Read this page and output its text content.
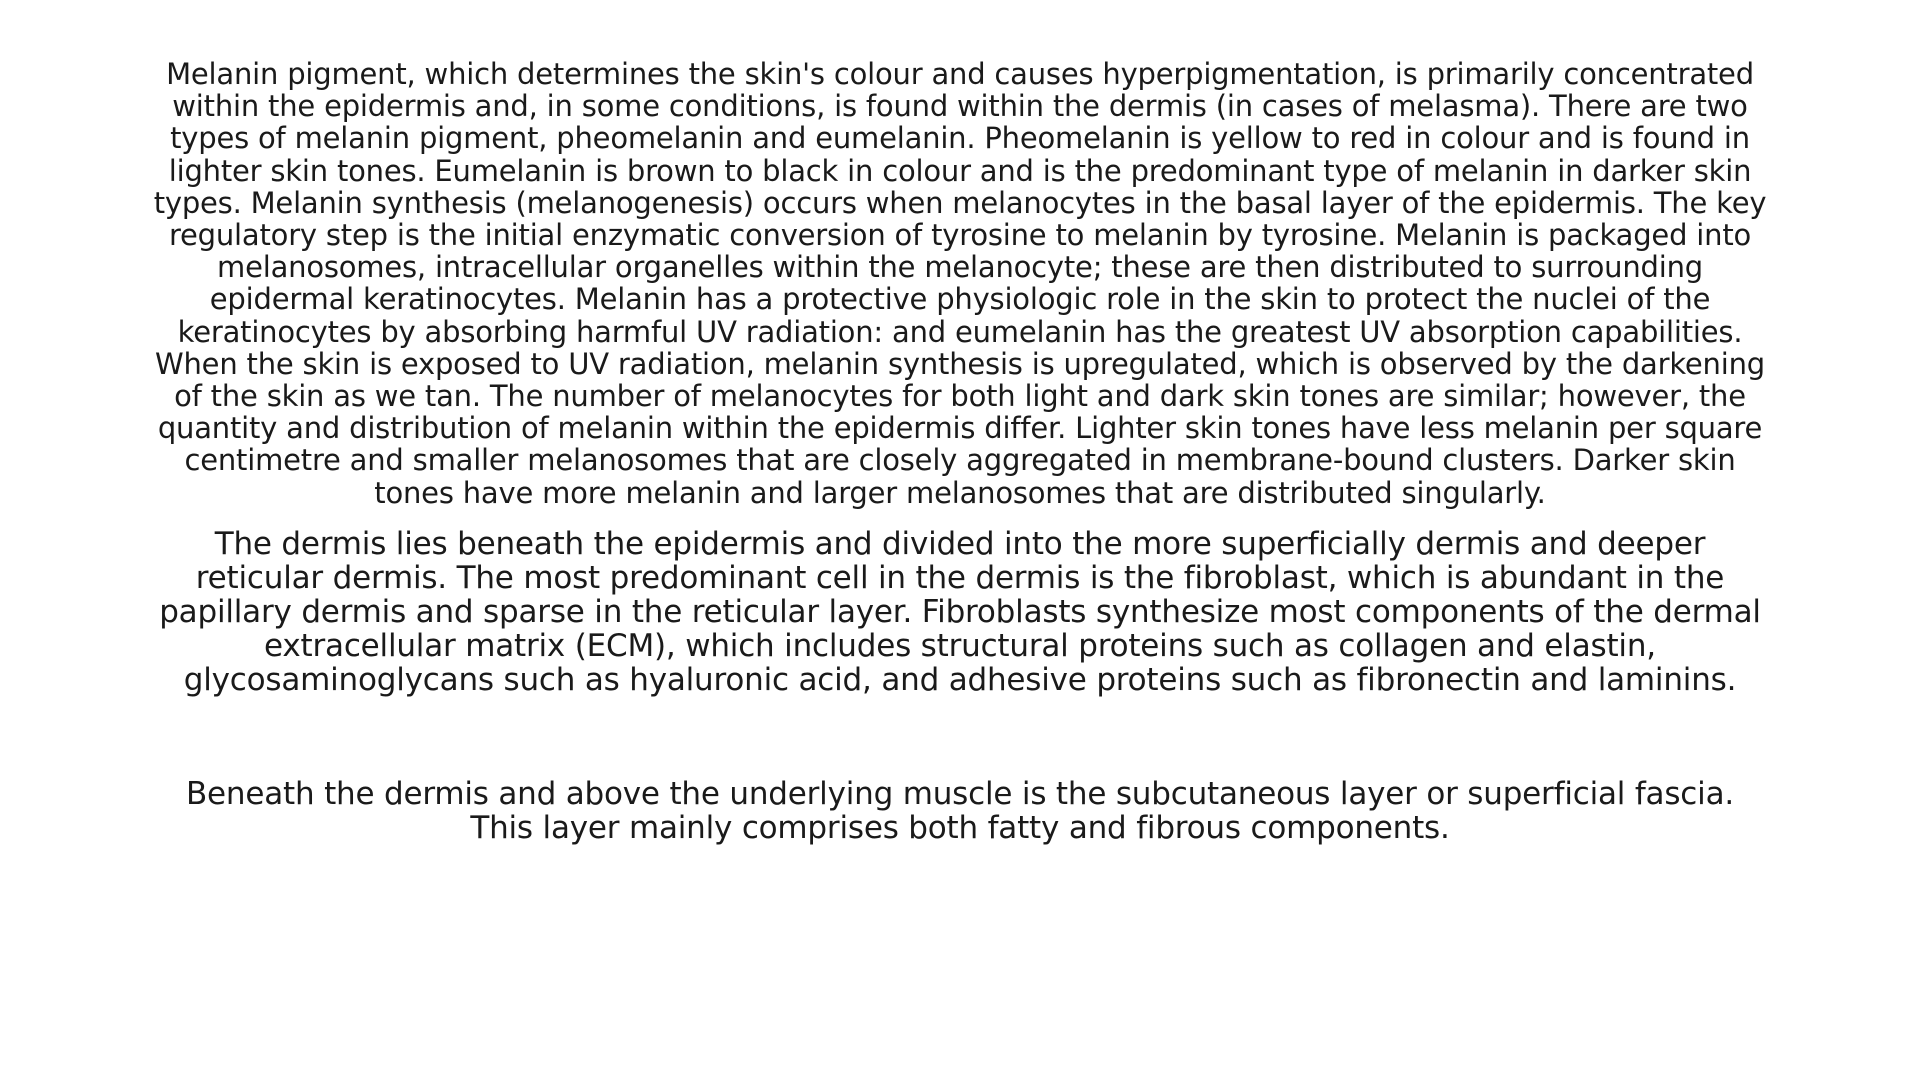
Melanin pigment, which determines the skin's colour and causes hyperpigmentation, is primarily concentrated within the epidermis and, in some conditions, is found within the dermis (in cases of melasma). There are two types of melanin pigment, pheomelanin and eumelanin. Pheomelanin is yellow to red in colour and is found in lighter skin tones. Eumelanin is brown to black in colour and is the predominant type of melanin in darker skin types. Melanin synthesis (melanogenesis) occurs when melanocytes in the basal layer of the epidermis. The key regulatory step is the initial enzymatic conversion of tyrosine to melanin by tyrosine. Melanin is packaged into melanosomes, intracellular organelles within the melanocyte; these are then distributed to surrounding epidermal keratinocytes. Melanin has a protective physiologic role in the skin to protect the nuclei of the keratinocytes by absorbing harmful UV radiation: and eumelanin has the greatest UV absorption capabilities. When the skin is exposed to UV radiation, melanin synthesis is upregulated, which is observed by the darkening of the skin as we tan. The number of melanocytes for both light and dark skin tones are similar; however, the quantity and distribution of melanin within the epidermis differ. Lighter skin tones have less melanin per square centimetre and smaller melanosomes that are closely aggregated in membrane-bound clusters. Darker skin tones have more melanin and larger melanosomes that are distributed singularly.

The dermis lies beneath the epidermis and divided into the more superficially dermis and deeper reticular dermis. The most predominant cell in the dermis is the fibroblast, which is abundant in the papillary dermis and sparse in the reticular layer. Fibroblasts synthesize most components of the dermal extracellular matrix (ECM), which includes structural proteins such as collagen and elastin, glycosaminoglycans such as hyaluronic acid, and adhesive proteins such as fibronectin and laminins.

Beneath the dermis and above the underlying muscle is the subcutaneous layer or superficial fascia. This layer mainly comprises both fatty and fibrous components.
